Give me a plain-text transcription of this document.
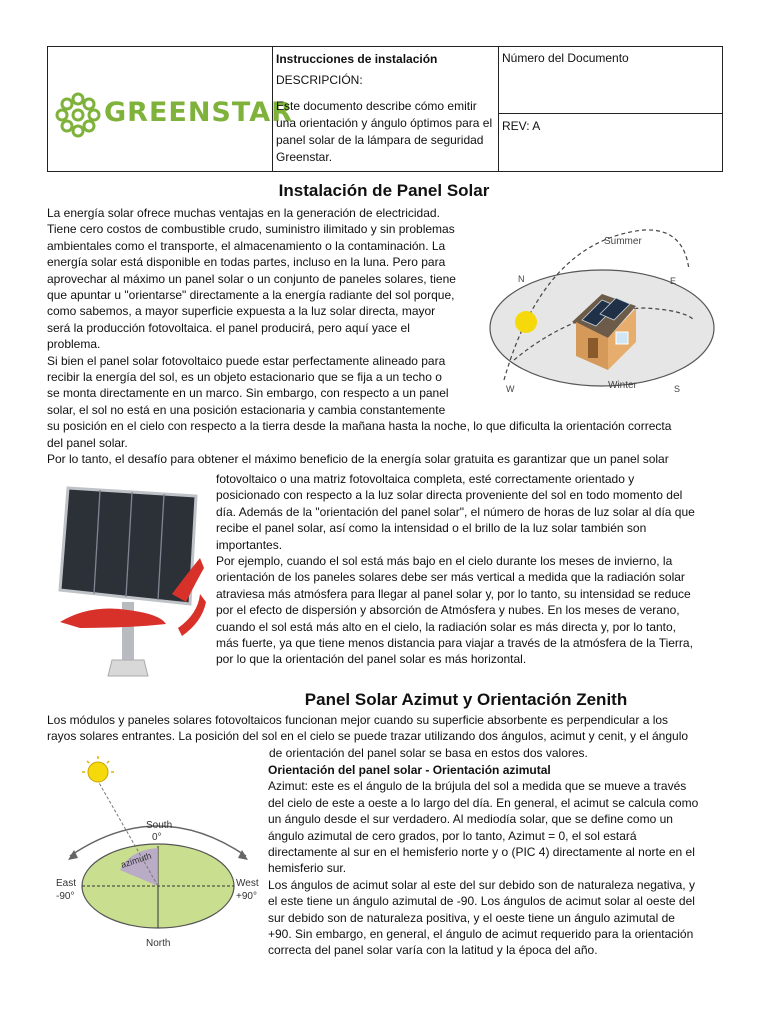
GREENSTAR

Instrucciones de instalación

DESCRIPCIÓN:

Este documento describe cómo emitir una orientación y ángulo óptimos para el panel solar de la lámpara de seguridad Greenstar.

Número del Documento
REV: A
Instalación de Panel Solar
La energía solar ofrece muchas ventajas en la generación de electricidad.
Tiene cero costos de combustible crudo, suministro ilimitado y sin problemas
ambientales como el transporte, el almacenamiento o la contaminación. La
energía solar está disponible en todas partes, incluso en la luna. Pero para
aprovechar al máximo un panel solar o un conjunto de paneles solares, tiene
que apuntar u "orientarse" directamente a la energía radiante del sol porque,
como sabemos, a mayor superficie expuesta a la luz solar directa, mayor
será la producción fotovoltaica. el panel producirá, pero aquí yace el
problema.
Si bien el panel solar fotovoltaico puede estar perfectamente alineado para
recibir la energía del sol, es un objeto estacionario que se fija a un techo o
se monta directamente en un marco. Sin embargo, con respecto a un panel
solar, el sol no está en una posición estacionaria y cambia constantemente
su posición en el cielo con respecto a la tierra desde la mañana hasta la noche, lo que dificulta la orientación correcta
del panel solar.
Por lo tanto, el desafío para obtener el máximo beneficio de la energía solar gratuita es garantizar que un panel solar
Summer
Winter
N	E
S
W
fotovoltaico o una matriz fotovoltaica completa, esté correctamente orientado y
posicionado con respecto a la luz solar directa proveniente del sol en todo momento del
día. Además de la "orientación del panel solar", el número de horas de luz solar al día que
recibe el panel solar, así como la intensidad o el brillo de la luz solar también son
importantes.
Por ejemplo, cuando el sol está más bajo en el cielo durante los meses de invierno, la
orientación de los paneles solares debe ser más vertical a medida que la radiación solar
atraviesa más atmósfera para llegar al panel solar y, por lo tanto, su intensidad se reduce
por el efecto de dispersión y absorción de Atmósfera y nubes. En los meses de verano,
cuando el sol está más alto en el cielo, la radiación solar es más directa y, por lo tanto,
más fuerte, ya que tiene menos distancia para viajar a través de la atmósfera de la Tierra,
por lo que la orientación del panel solar es más horizontal.
Panel Solar Azimut y Orientación Zenith
Los módulos y paneles solares fotovoltaicos funcionan mejor cuando su superficie absorbente es perpendicular a los
rayos solares entrantes. La posición del sol en el cielo se puede trazar utilizando dos ángulos, acimut y cenit, y el ángulo
de orientación del panel solar se basa en estos dos valores.
South
0°
East
-90°
West
+90°
North
azimuth
Orientación del panel solar - Orientación azimutal
Azimut: este es el ángulo de la brújula del sol a medida que se mueve a través
del cielo de este a oeste a lo largo del día. En general, el acimut se calcula como
un ángulo desde el sur verdadero. Al mediodía solar, que se define como un
ángulo azimutal de cero grados, por lo tanto, Azimut = 0, el sol estará
directamente al sur en el hemisferio norte y o (PIC 4) directamente al norte en el
hemisferio sur.
Los ángulos de acimut solar al este del sur debido son de naturaleza negativa, y
el este tiene un ángulo azimutal de -90. Los ángulos de acimut solar al oeste del
sur debido son de naturaleza positiva, y el oeste tiene un ángulo azimutal de
+90. Sin embargo, en general, el ángulo de acimut requerido para la orientación
correcta del panel solar varía con la latitud y la época del año.
